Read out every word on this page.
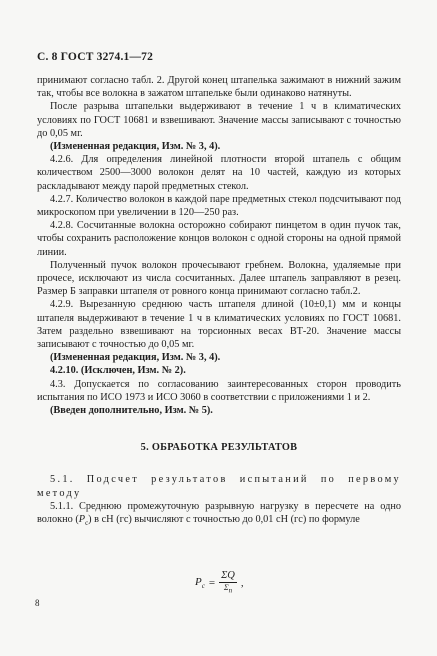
С. 8 ГОСТ 3274.1—72

принимают согласно табл. 2. Другой конец штапелька зажимают в нижний зажим так, чтобы все волокна в зажатом штапельке были одинаково натянуты.

После разрыва штапельки выдерживают в течение 1 ч в климатических условиях по ГОСТ 10681 и взвешивают. Значение массы записывают с точностью до 0,05 мг.

(Измененная редакция, Изм. № 3, 4).

4.2.6. Для определения линейной плотности второй штапель с общим количеством 2500—3000 волокон делят на 10 частей, каждую из которых раскладывают между парой предметных стекол.

4.2.7. Количество волокон в каждой паре предметных стекол подсчитывают под микроскопом при увеличении в 120—250 раз.

4.2.8. Сосчитанные волокна осторожно собирают пинцетом в один пучок так, чтобы сохранить расположение концов волокон с одной стороны на одной прямой линии.

Полученный пучок волокон прочесывают гребнем. Волокна, удаляемые при прочесе, исключают из числа сосчитанных. Далее штапель заправляют в резец. Размер Б заправки штапеля от ровного конца принимают согласно табл.2.

4.2.9. Вырезанную среднюю часть штапеля длиной (10±0,1) мм и концы штапеля выдерживают в течение 1 ч в климатических условиях по ГОСТ 10681. Затем раздельно взвешивают на торсионных весах ВТ-20. Значение массы записывают с точностью до 0,05 мг.

(Измененная редакция, Изм. № 3, 4).

4.2.10. (Исключен, Изм. № 2).

4.3. Допускается по согласованию заинтересованных сторон проводить испытания по ИСО 1973 и ИСО 3060 в соответствии с приложениями 1 и 2.

(Введен дополнительно, Изм. № 5).

5. ОБРАБОТКА РЕЗУЛЬТАТОВ

5.1. Подсчет результатов испытаний по первому методу

5.1.1. Среднюю промежуточную разрывную нагрузку в пересчете на одно волокно $(P_c)$ в сН (гс) вычисляют с точностью до 0,01 сН (гс) по формуле

$P_c = \frac{\Sigma Q}{\Sigma_n}$ ,
8
